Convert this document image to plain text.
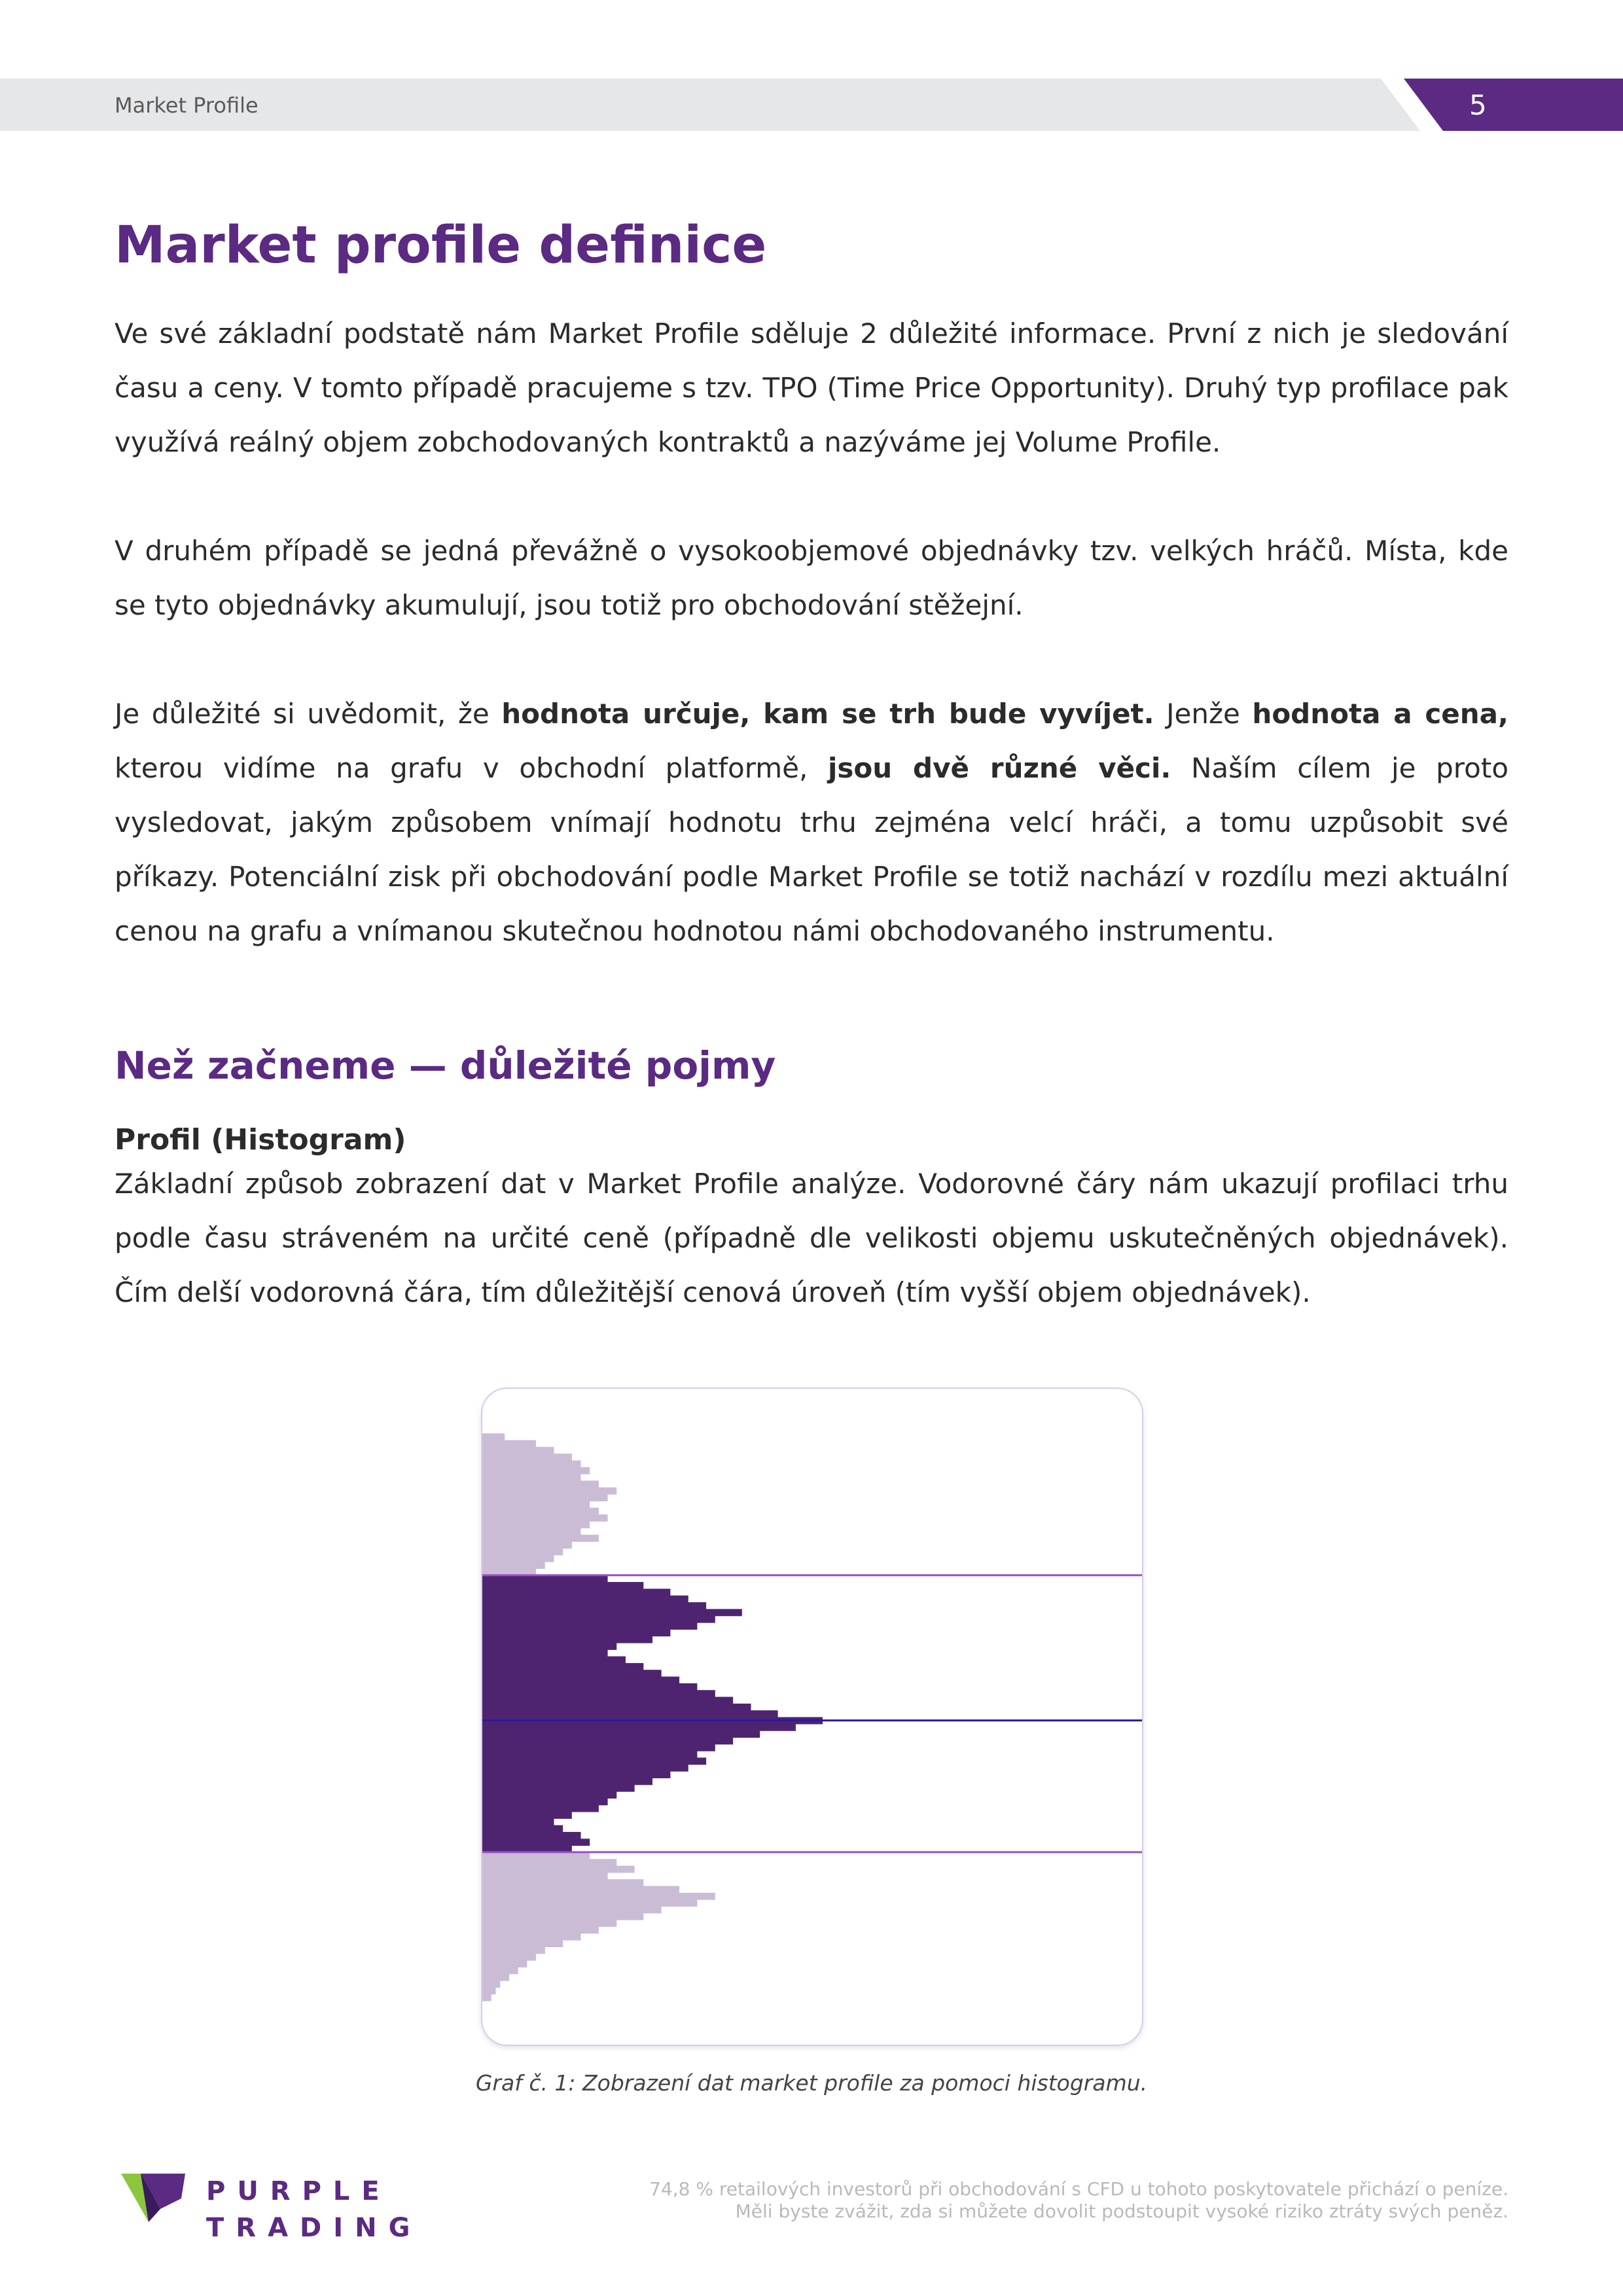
Market Profile	5
Market profile definice

Ve své základní podstatě nám Market Profile sděluje 2 důležité informace. První z nich je sledování času a ceny. V tomto případě pracujeme s tzv. TPO (Time Price Opportunity). Druhý typ profilace pak využívá reálný objem zobchodovaných kontraktů a nazýváme jej Volume Profile.

V druhém případě se jedná převážně o vysokoobjemové objednávky tzv. velkých hráčů. Místa, kde se tyto objednávky akumulují, jsou totiž pro obchodování stěžejní.

Je důležité si uvědomit, že hodnota určuje, kam se trh bude vyvíjet. Jenže hodnota a cena, kterou vidíme na grafu v obchodní platformě, jsou dvě různé věci. Naším cílem je proto vysledovat, jakým způsobem vnímají hodnotu trhu zejména velcí hráči, a tomu uzpůsobit své příkazy. Potenciální zisk při obchodování podle Market Profile se totiž nachází v rozdílu mezi aktuální cenou na grafu a vnímanou skutečnou hodnotou námi obchodovaného instrumentu.

Než začneme — důležité pojmy
Profil (Histogram)

Základní způsob zobrazení dat v Market Profile analýze. Vodorovné čáry nám ukazují profilaci trhu podle času stráveném na určité ceně (případně dle velikosti objemu uskutečněných objednávek). Čím delší vodorovná čára, tím důležitější cenová úroveň (tím vyšší objem objednávek).

Graf č. 1: Zobrazení dat market profile za pomoci histogramu.
PURPLE
TRADING
74,8 % retailových investorů při obchodování s CFD u tohoto poskytovatele přichází o peníze.
Měli byste zvážit, zda si můžete dovolit podstoupit vysoké riziko ztráty svých peněz.
